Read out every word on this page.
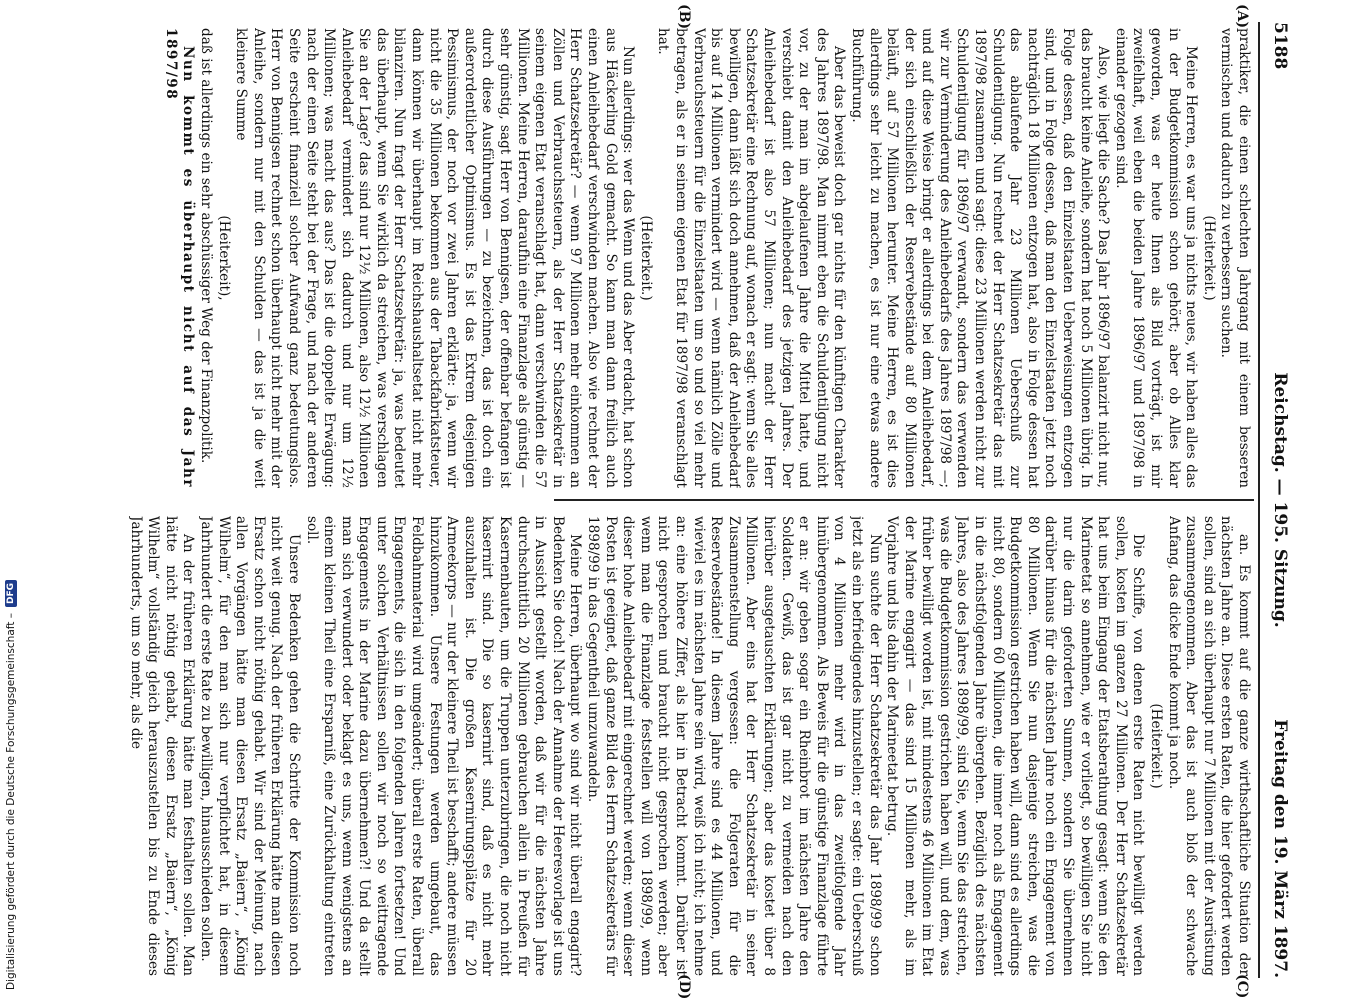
5188
Reichstag. — 195. Sitzung.
Freitag den 19. März 1897.
(A)
(B)
(C)
(D)

praktiker, die einen schlechten Jahrgang mit einem besseren vermischen und dadurch zu verbessern suchen.

(Heiterkeit.)

Meine Herren, es war uns ja nichts neues, wir haben alles das in der Budgetkommission schon gehört; aber ob Alles klar geworden, was er heute Ihnen als Bild vorträgt, ist mir zweifelhaft, weil eben die beiden Jahre 1896/97 und 1897/98 in einander gezogen sind.

Also, wie liegt die Sache? Das Jahr 1896/97 balanzirt nicht nur, das braucht keine Anleihe, sondern hat noch 5 Millionen übrig. In Folge dessen, daß den Einzelstaaten Ueberweisungen entzogen sind, und in Folge dessen, daß man den Einzelstaaten jetzt noch nachträglich 18 Millionen entzogen hat, also in Folge dessen hat das ablaufende Jahr 23 Millionen Ueberschuß zur Schuldentilgung. Nun rechnet der Herr Schatzsekretär das mit 1897/98 zusammen und sagt: diese 23 Millionen werden nicht zur Schuldentilgung für 1896/97 verwandt, sondern das verwenden wir zur Verminderung des Anleihebedarfs des Jahres 1897/98 —; und auf diese Weise bringt er allerdings bei dem Anleihebedarf, der sich einschließlich der Reservebestände auf 80 Millionen beläuft, auf 57 Millionen herunter. Meine Herren, es ist dies allerdings sehr leicht zu machen, es ist nur eine etwas andere Buchführung.

Aber das beweist doch gar nichts für den künftigen Charakter des Jahres 1897/98. Man nimmt eben die Schuldentilgung nicht vor, zu der man im abgelaufenen Jahre die Mittel hatte, und verschiebt damit den Anleihebedarf des jetzigen Jahres. Der Anleihebedarf ist also 57 Millionen; nun macht der Herr Schatzsekretär eine Rechnung auf, wonach er sagt: wenn Sie alles bewilligen, dann läßt sich doch annehmen, daß der Anleihebedarf bis auf 14 Millionen vermindert wird — wenn nämlich Zölle und Verbrauchssteuern für die Einzelstaaten um so und so viel mehr betragen, als er in seinem eigenen Etat für 1897/98 veranschlagt hat.

(Heiterkeit.)

Nun allerdings: wer das Wenn und das Aber erdacht, hat schon aus Häckerling Gold gemacht. So kann man dann freilich auch einen Anleihebedarf verschwinden machen. Also wie rechnet der Herr Schatzsekretär? — wenn 97 Millionen mehr einkommen an Zöllen und Verbrauchssteuern, als der Herr Schatzsekretär in seinem eigenen Etat veranschlagt hat, dann verschwinden die 57 Millionen. Meine Herren, daraufhin eine Finanzlage als günstig — sehr günstig, sagt Herr von Bennigsen, der offenbar befangen ist durch diese Ausführungen — zu bezeichnen, das ist doch ein außerordentlicher Optimismus. Es ist das Extrem desjenigen Pessimismus, der noch vor zwei Jahren erklärte: ja, wenn wir nicht die 35 Millionen bekommen aus der Tabackfabrikatsteuer, dann können wir überhaupt im Reichshaushaltsetat nicht mehr bilanziren. Nun fragt der Herr Schatzsekretär: ja, was bedeutet das überhaupt, wenn Sie wirklich da streichen, was verschlagen Sie an der Lage? das sind nur 12½ Millionen, also 12½ Millionen Anleihebedarf vermindert sich dadurch und nur um 12½ Millionen; was macht das aus? Das ist die doppelte Erwägung: nach der einen Seite steht bei der Frage, und nach der anderen Seite erscheint finanziell solcher Aufwand ganz bedeutungslos. Herr von Bennigsen rechnet schon überhaupt nicht mehr mit der Anleihe, sondern nur mit den Schulden — das ist ja die weit kleinere Summe

(Heiterkeit),

daß ist allerdings ein sehr abschüssiger Weg der Finanzpolitik.

Nun kommt es überhaupt nicht auf das Jahr 1897/98

an. Es kommt auf die ganze wirthschaftliche Situation der nächsten Jahre an. Diese ersten Raten, die hier gefordert werden sollen, sind an sich überhaupt nur 7 Millionen mit der Ausrüstung zusammengenommen. Aber das ist auch bloß der schwache Anfang, das dicke Ende kommt ja noch.

(Heiterkeit.)

Die Schiffe, von denen erste Raten nicht bewilligt werden sollen, kosten im ganzen 27 Millionen. Der Herr Schatzsekretär hat uns beim Eingang der Etatsberathung gesagt: wenn Sie den Marineetat so annehmen, wie er vorliegt, so bewilligen Sie nicht nur die darin geforderten Summen, sondern Sie übernehmen darüber hinaus für die nächsten Jahre noch ein Engagement von 80 Millionen. Wenn Sie nun dasjenige streichen, was die Budgetkommission gestrichen haben will, dann sind es allerdings nicht 80, sondern 60 Millionen, die immer noch als Engagement in die nächstfolgenden Jahre übergehen. Bezüglich des nächsten Jahres, also des Jahres 1898/99, sind Sie, wenn Sie das streichen, was die Budgetkommission gestrichen haben will, und dem, was früher bewilligt worden ist, mit mindestens 46 Millionen im Etat der Marine engagirt — das sind 15 Millionen mehr, als im Vorjahre und bis dahin der Marineetat betrug.

Nun suchte der Herr Schatzsekretär das Jahr 1898/99 schon jetzt als ein befriedigendes hinzustellen; er sagte: ein Ueberschuß von 4 Millionen mehr wird in das zweitfolgende Jahr hinübergenommen. Als Beweis für die günstige Finanzlage führte er an: wir geben sogar ein Rheinbrot im nächsten Jahre den Soldaten. Gewiß, das ist gar nicht zu vermeiden nach den hierüber ausgetauschten Erklärungen; aber das kostet über 8 Millionen. Aber eins hat der Herr Schatzsekretär in seiner Zusammenstellung vergessen: die Folgeraten für die Reservebestände! In diesem Jahre sind es 44 Millionen, und wieviel es im nächsten Jahre sein wird, weiß ich nicht; ich nehme an: eine höhere Ziffer, als hier in Betracht kommt. Darüber ist nicht gesprochen und braucht nicht gesprochen werden; aber wenn man die Finanzlage feststellen will von 1898/99, wenn dieser hohe Anleihebedarf mit eingerechnet werden; wenn dieser Posten ist geeignet, daß ganze Bild des Herrn Schatzsekretärs für 1898/99 in das Gegentheil umzuwandeln.

Meine Herren, überhaupt wo sind wir nicht überall engagirt? Bedenken Sie doch! Nach der Annahme der Heeresvorlage ist uns in Aussicht gestellt worden, daß wir für die nächsten Jahre durchschnittlich 20 Millionen gebrauchen allein in Preußen für Kasernenbauten, um die Truppen unterzubringen, die noch nicht kasernirt sind. Die so kasernirt sind, daß es nicht mehr auszuhalten ist. Die großen Kasernirungsplätze für 20 Armeekorps — nur der kleinere Theil ist beschafft; andere müssen hinzukommen. Unsere Festungen werden umgebaut, das Feldbahnmaterial wird umgeändert; überall erste Raten, überall Engagements, die sich in den folgenden Jahren fortsetzen! Und unter solchen Verhältnissen sollen wir noch so weittragende Engagements in der Marine dazu übernehmen?! Und da stellt man sich verwundert oder beklagt es uns, wenn wenigstens an einem kleinen Theil eine Ersparniß, eine Zurückhaltung eintreten soll.

Unsere Bedenken gehen die Schritte der Kommission noch nicht weit genug. Nach der früheren Erklärung hätte man diesen Ersatz schon nicht nöthig gehabt. Wir sind der Meinung, nach allen Vorgängen hätte man diesen Ersatz „Baiern“, „König Wilhelm“, für den man sich nur verpflichtet hat, in diesem Jahrhundert die erste Rate zu bewilligen, hinausschieden sollen.

An der früheren Erklärung hätte man festhalten sollen. Man hätte nicht nöthig gehabt, diesen Ersatz „Baiern“, „König Wilhelm“ vollständig gleich herauszustellen bis zu Ende dieses Jahrhunderts, um so mehr, als die

Digitalisierung gefördert durch die Deutsche Forschungsgemeinschaft –
DFG
